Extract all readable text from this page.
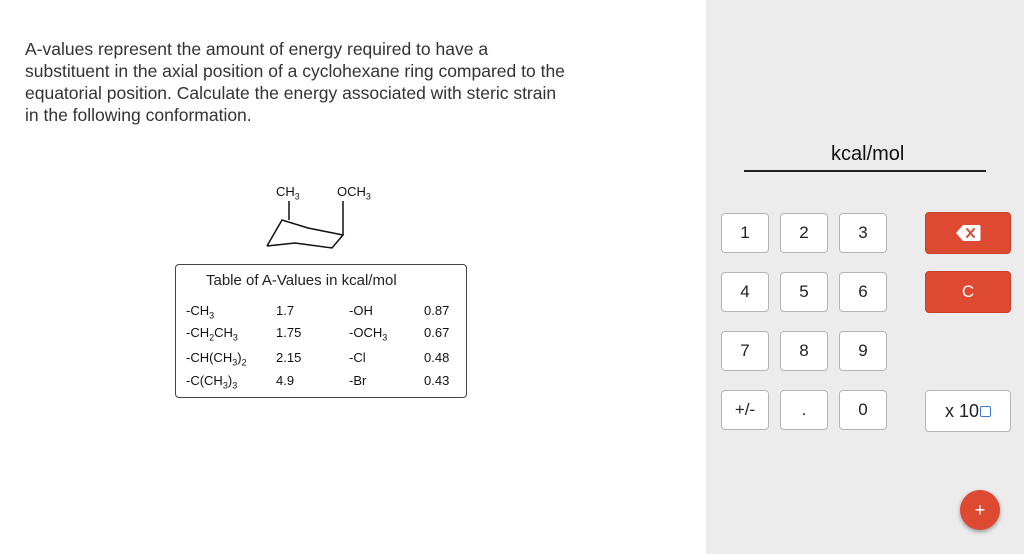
A-values represent the amount of energy required to have a
substituent in the axial position of a cyclohexane ring compared to the
equatorial position. Calculate the energy associated with steric strain
in the following conformation.

$CH_3$	$OCH_3$
Table of A-Values in kcal/mol
$-CH_3$	1.7	-OH	0.87
$-CH_2CH_3$	1.75	$-OCH_3$	0.67
$-CH(CH_3)_2$ 2.15	-Cl	0.48
$-C(CH_3)_3$	4.9	-Br	0.43
kcal/mol
1	2	3
4	5	6
7	8	9
+/-	.	0
C
x 10
+
